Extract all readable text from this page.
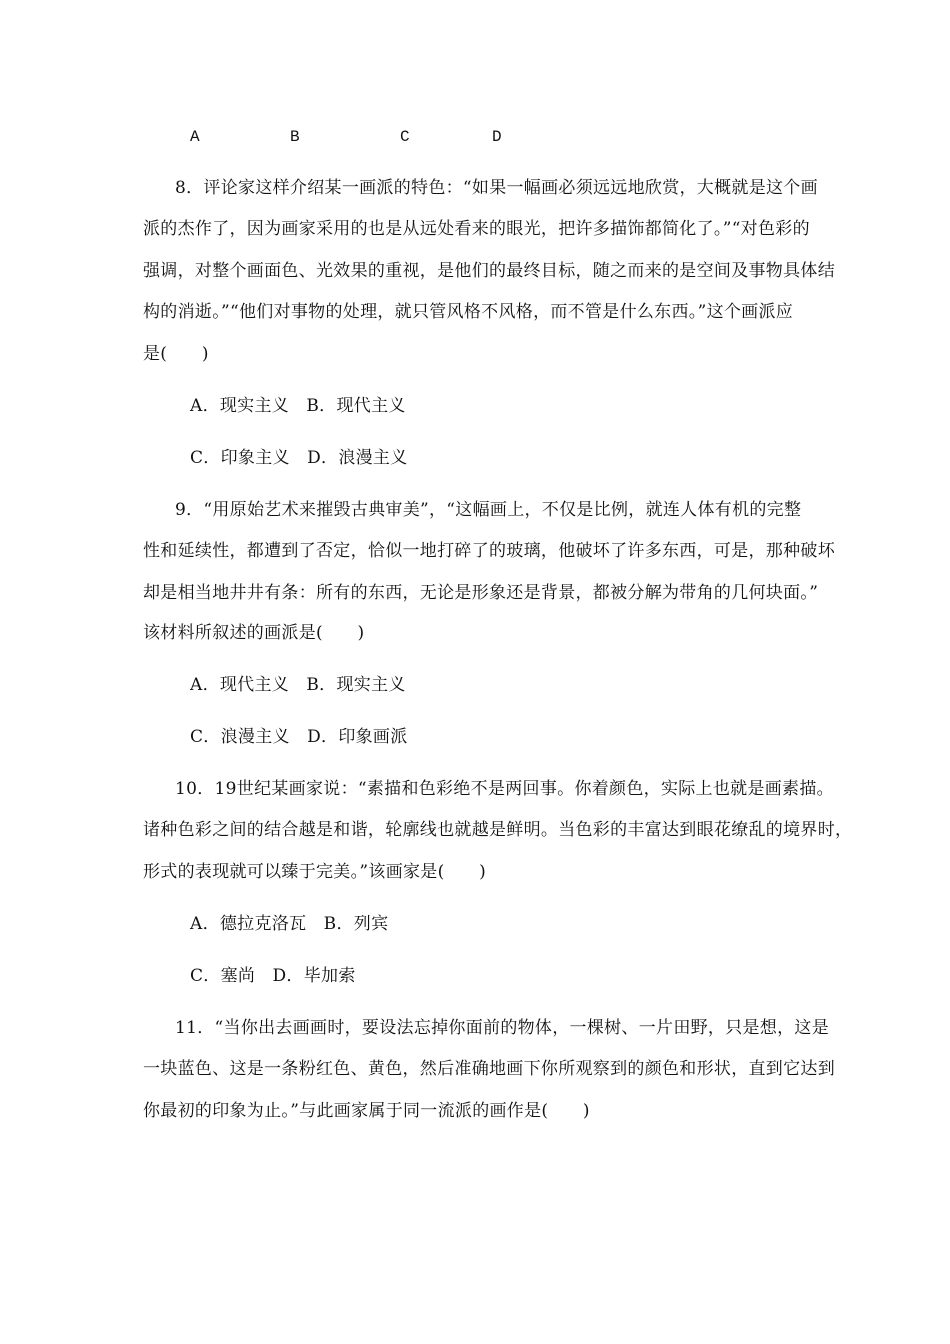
A	B	C	D
8．评论家这样介绍某一画派的特色：“如果一幅画必须远远地欣赏，大概就是这个画
派的杰作了，因为画家采用的也是从远处看来的眼光，把许多描饰都简化了。”“对色彩的
强调，对整个画面色、光效果的重视，是他们的最终目标，随之而来的是空间及事物具体结
构的消逝。”“他们对事物的处理，就只管风格不风格，而不管是什么东西。”这个画派应
是(　　)
A．现实主义　B．现代主义
C．印象主义　D．浪漫主义
9．“用原始艺术来摧毁古典审美”，“这幅画上，不仅是比例，就连人体有机的完整
性和延续性，都遭到了否定，恰似一地打碎了的玻璃，他破坏了许多东西，可是，那种破坏
却是相当地井井有条：所有的东西，无论是形象还是背景，都被分解为带角的几何块面。”
该材料所叙述的画派是(　　)
A．现代主义　B．现实主义
C．浪漫主义　D．印象画派
10．19世纪某画家说：“素描和色彩绝不是两回事。你着颜色，实际上也就是画素描。
诸种色彩之间的结合越是和谐，轮廓线也就越是鲜明。当色彩的丰富达到眼花缭乱的境界时，
形式的表现就可以臻于完美。”该画家是(　　)
A．德拉克洛瓦　B．列宾
C．塞尚　D．毕加索
11．“当你出去画画时，要设法忘掉你面前的物体，一棵树、一片田野，只是想，这是
一块蓝色、这是一条粉红色、黄色，然后准确地画下你所观察到的颜色和形状，直到它达到
你最初的印象为止。”与此画家属于同一流派的画作是(　　)
